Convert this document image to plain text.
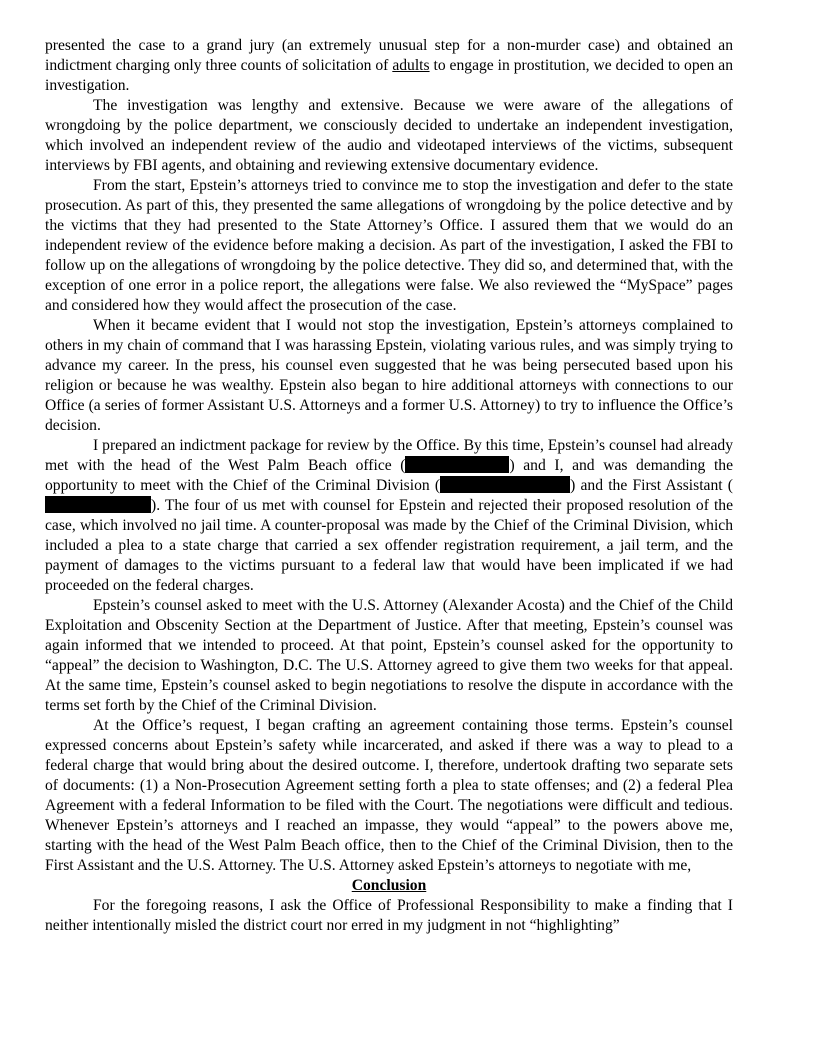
presented the case to a grand jury (an extremely unusual step for a non-murder case) and obtained an indictment charging only three counts of solicitation of adults to engage in prostitution, we decided to open an investigation.

The investigation was lengthy and extensive. Because we were aware of the allegations of wrongdoing by the police department, we consciously decided to undertake an independent investigation, which involved an independent review of the audio and videotaped interviews of the victims, subsequent interviews by FBI agents, and obtaining and reviewing extensive documentary evidence.

From the start, Epstein’s attorneys tried to convince me to stop the investigation and defer to the state prosecution. As part of this, they presented the same allegations of wrongdoing by the police detective and by the victims that they had presented to the State Attorney’s Office. I assured them that we would do an independent review of the evidence before making a decision. As part of the investigation, I asked the FBI to follow up on the allegations of wrongdoing by the police detective. They did so, and determined that, with the exception of one error in a police report, the allegations were false. We also reviewed the “MySpace” pages and considered how they would affect the prosecution of the case.

When it became evident that I would not stop the investigation, Epstein’s attorneys complained to others in my chain of command that I was harassing Epstein, violating various rules, and was simply trying to advance my career. In the press, his counsel even suggested that he was being persecuted based upon his religion or because he was wealthy. Epstein also began to hire additional attorneys with connections to our Office (a series of former Assistant U.S. Attorneys and a former U.S. Attorney) to try to influence the Office’s decision.

I prepared an indictment package for review by the Office. By this time, Epstein’s counsel had already met with the head of the West Palm Beach office (	) and I, and was demanding the opportunity to meet with the Chief of the Criminal Division (	) and the First Assistant (). The four of us met with counsel for Epstein and rejected their proposed resolution of the case, which involved no jail time. A counter-proposal was made by the Chief of the Criminal Division, which included a plea to a state charge that carried a sex offender registration requirement, a jail term, and the payment of damages to the victims pursuant to a federal law that would have been implicated if we had proceeded on the federal charges.

Epstein’s counsel asked to meet with the U.S. Attorney (Alexander Acosta) and the Chief of the Child Exploitation and Obscenity Section at the Department of Justice. After that meeting, Epstein’s counsel was again informed that we intended to proceed. At that point, Epstein’s counsel asked for the opportunity to “appeal” the decision to Washington, D.C. The U.S. Attorney agreed to give them two weeks for that appeal. At the same time, Epstein’s counsel asked to begin negotiations to resolve the dispute in accordance with the terms set forth by the Chief of the Criminal Division.

At the Office’s request, I began crafting an agreement containing those terms. Epstein’s counsel expressed concerns about Epstein’s safety while incarcerated, and asked if there was a way to plead to a federal charge that would bring about the desired outcome. I, therefore, undertook drafting two separate sets of documents: (1) a Non-Prosecution Agreement setting forth a plea to state offenses; and (2) a federal Plea Agreement with a federal Information to be filed with the Court. The negotiations were difficult and tedious. Whenever Epstein’s attorneys and I reached an impasse, they would “appeal” to the powers above me, starting with the head of the West Palm Beach office, then to the Chief of the Criminal Division, then to the First Assistant and the U.S. Attorney. The U.S. Attorney asked Epstein’s attorneys to negotiate with me,

Conclusion

For the foregoing reasons, I ask the Office of Professional Responsibility to make a finding that I neither intentionally misled the district court nor erred in my judgment in not “highlighting”
